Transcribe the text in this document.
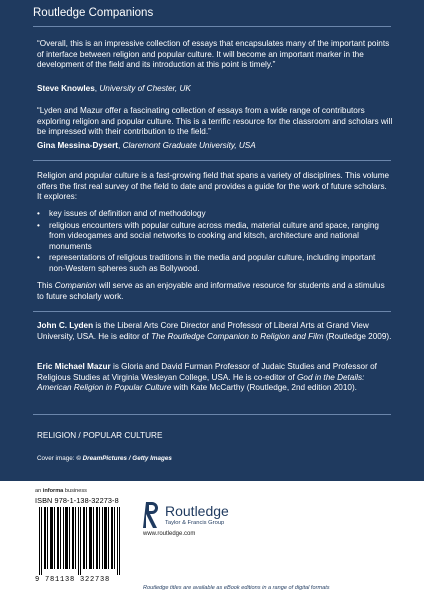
Routledge Companions

“Overall, this is an impressive collection of essays that encapsulates many of the important points of interface between religion and popular culture. It will become an important marker in the development of the field and its introduction at this point is timely.”

Steve Knowles, University of Chester, UK

“Lyden and Mazur offer a fascinating collection of essays from a wide range of contributors exploring religion and popular culture. This is a terrific resource for the classroom and scholars will be impressed with their contribution to the field.”

Gina Messina-Dysert, Claremont Graduate University, USA

Religion and popular culture is a fast-growing field that spans a variety of disciplines. This volume offers the first real survey of the field to date and provides a guide for the work of future scholars. It explores:

• key issues of definition and of methodology
• religious encounters with popular culture across media, material culture and space, ranging from videogames and social networks to cooking and kitsch, architecture and national monuments
• representations of religious traditions in the media and popular culture, including important non-Western spheres such as Bollywood.

This Companion will serve as an enjoyable and informative resource for students and a stimulus to future scholarly work.

John C. Lyden is the Liberal Arts Core Director and Professor of Liberal Arts at Grand View University, USA. He is editor of The Routledge Companion to Religion and Film (Routledge 2009).

Eric Michael Mazur is Gloria and David Furman Professor of Judaic Studies and Professor of Religious Studies at Virginia Wesleyan College, USA. He is co-editor of God in the Details: American Religion in Popular Culture with Kate McCarthy (Routledge, 2nd edition 2010).

RELIGION / POPULAR CULTURE

Cover image: © DreamPictures / Getty Images

an informa business
ISBN 978-1-138-32273-8
9 781138 322738
Routledge
Taylor & Francis Group
www.routledge.com
Routledge titles are available as eBook editions in a range of digital formats
